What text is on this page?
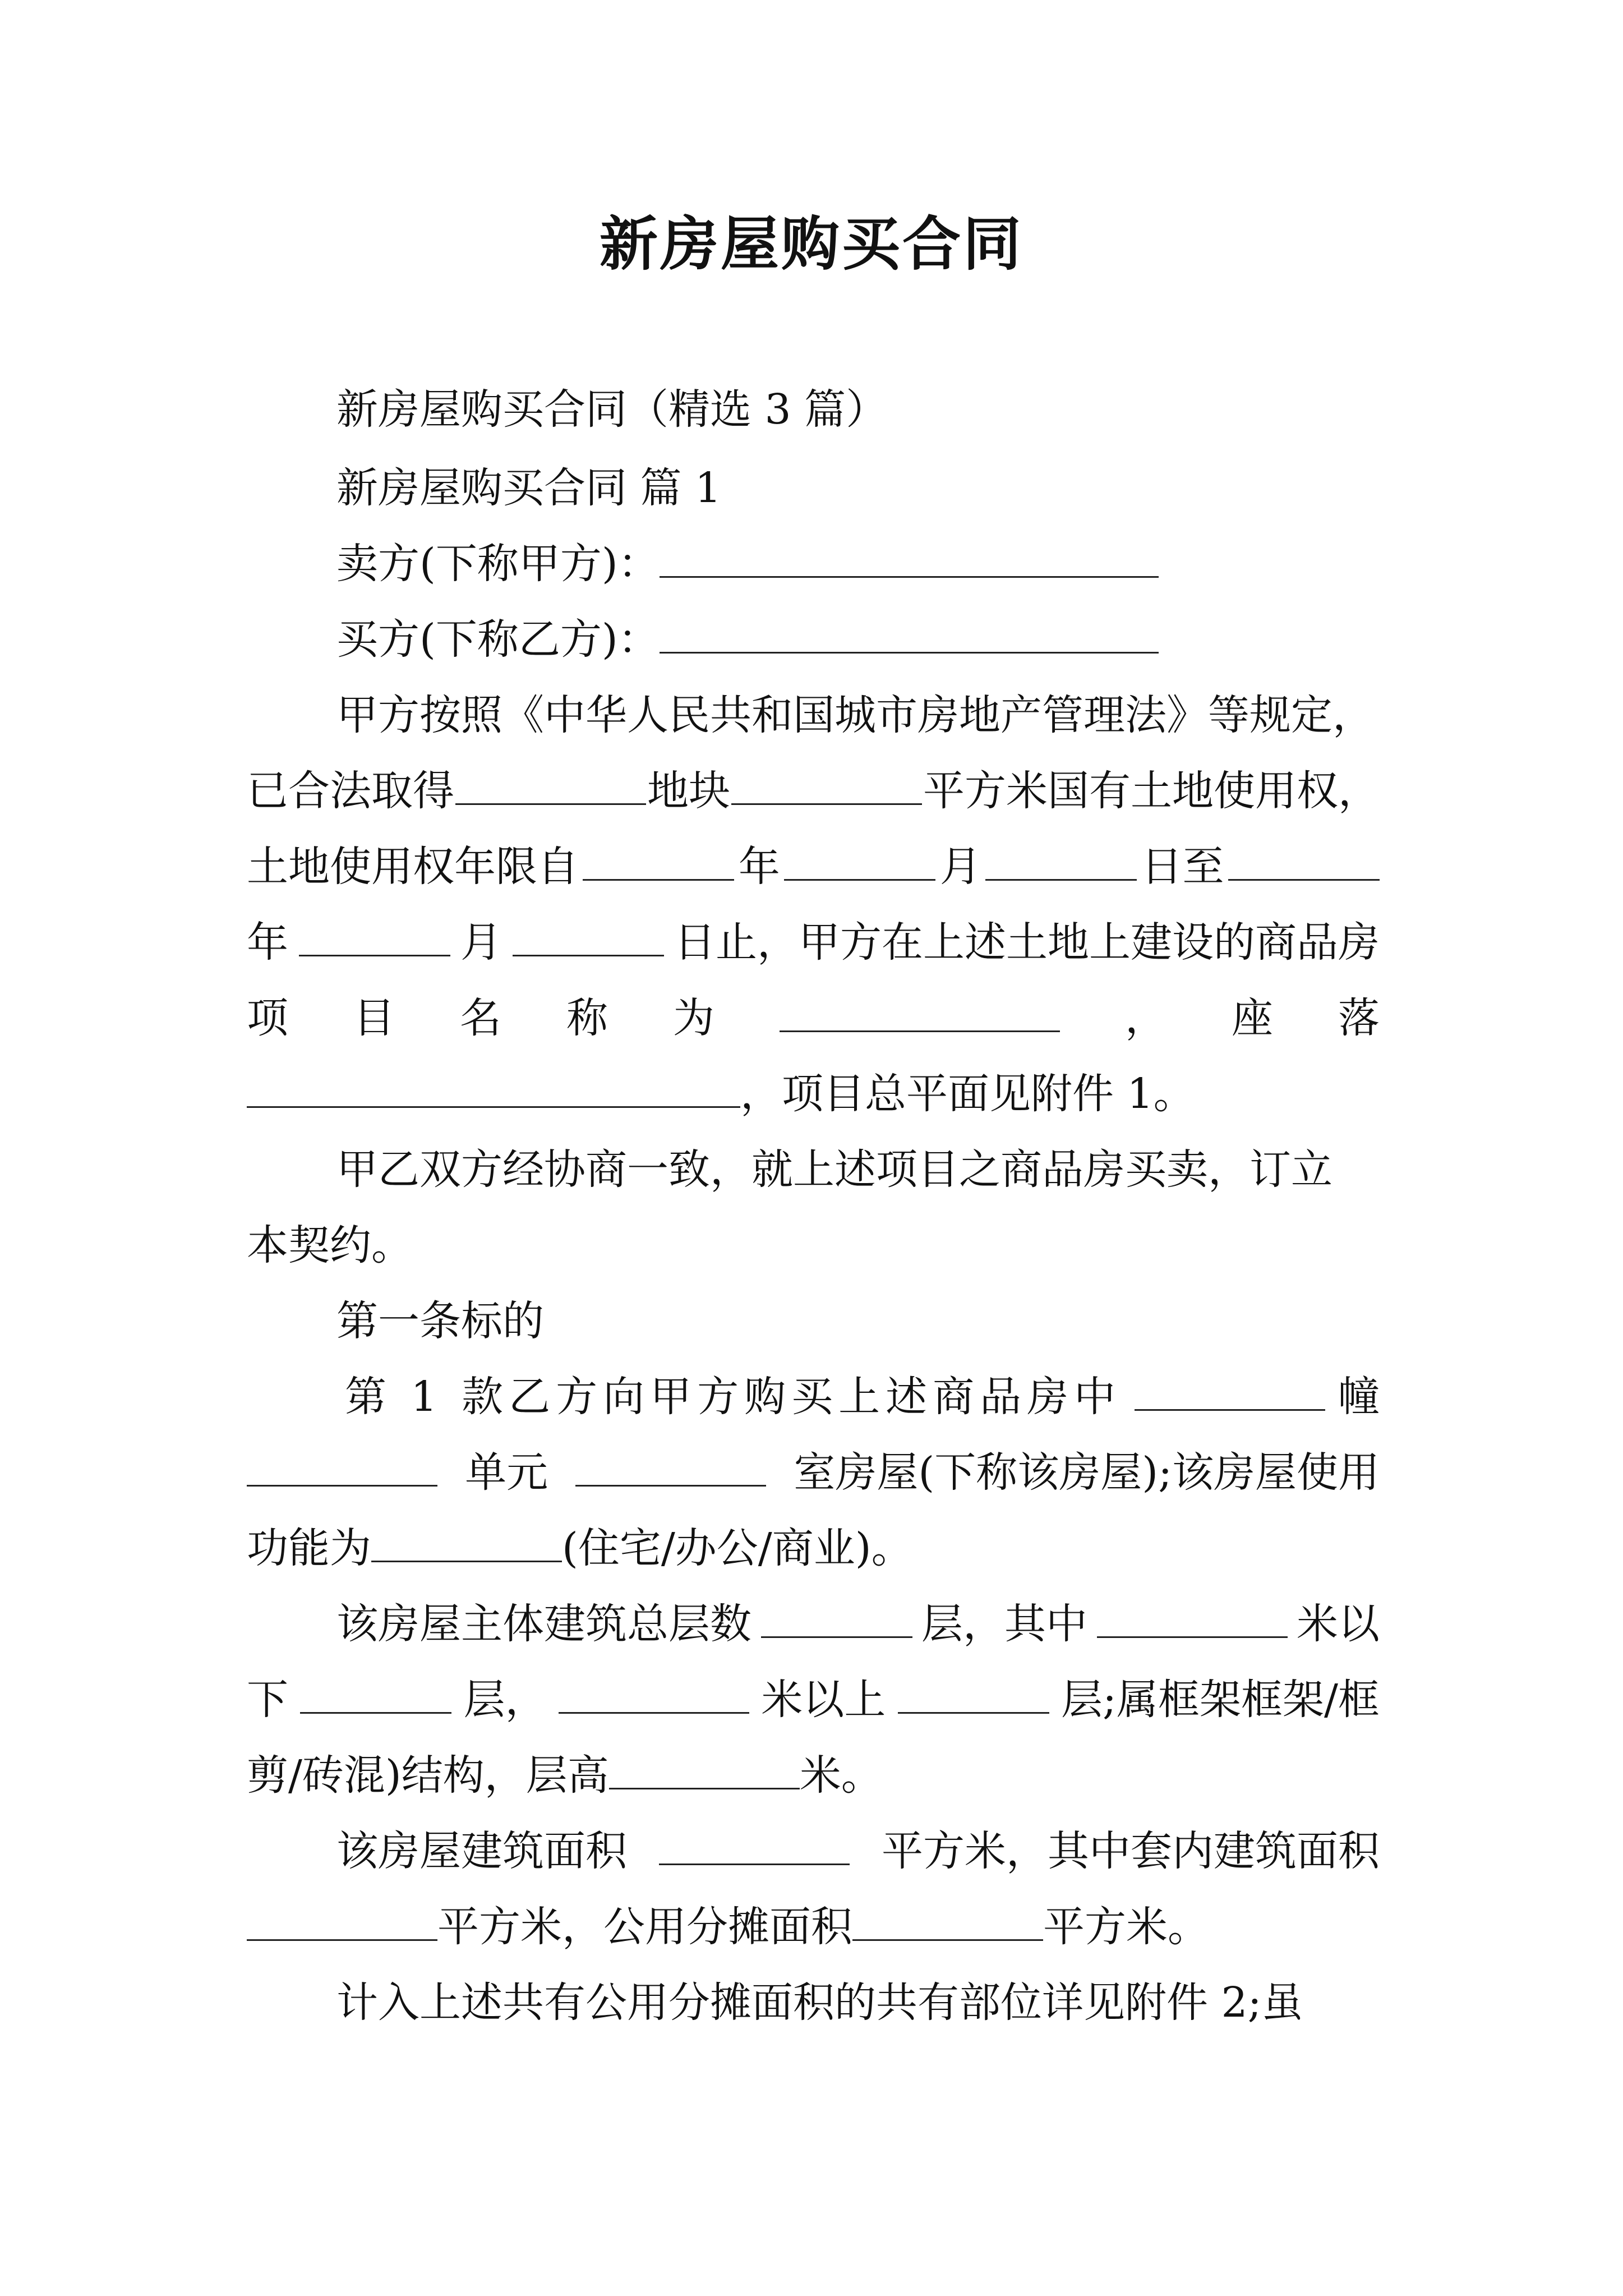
新房屋购买合同
新房屋购买合同（精选 3 篇）
新房屋购买合同 篇 1
卖方(下称甲方)：
买方(下称乙方)：
甲方按照《中华人民共和国城市房地产管理法》等规定，
已合法取得	地块	平方米国有土地使用权，
土地使用权年限自	年	月	日至
年	月	日止，甲方在上述土地上建设的商品房
项 目 名 称 为	， 座 落
，项目总平面见附件 1。
甲乙双方经协商一致，就上述项目之商品房买卖，订立
本契约。
第一条标的
第 1 款乙方向甲方购买上述商品房中	幢
单元	室房屋(下称该房屋);该房屋使用
功能为	(住宅/办公/商业)。
该房屋主体建筑总层数	层，其中	米以
下	层，	米以上	层;属框架框架/框
剪/砖混)结构，层高	米。
该房屋建筑面积	平方米，其中套内建筑面积
平方米，公用分摊面积	平方米。
计入上述共有公用分摊面积的共有部位详见附件 2;虽
